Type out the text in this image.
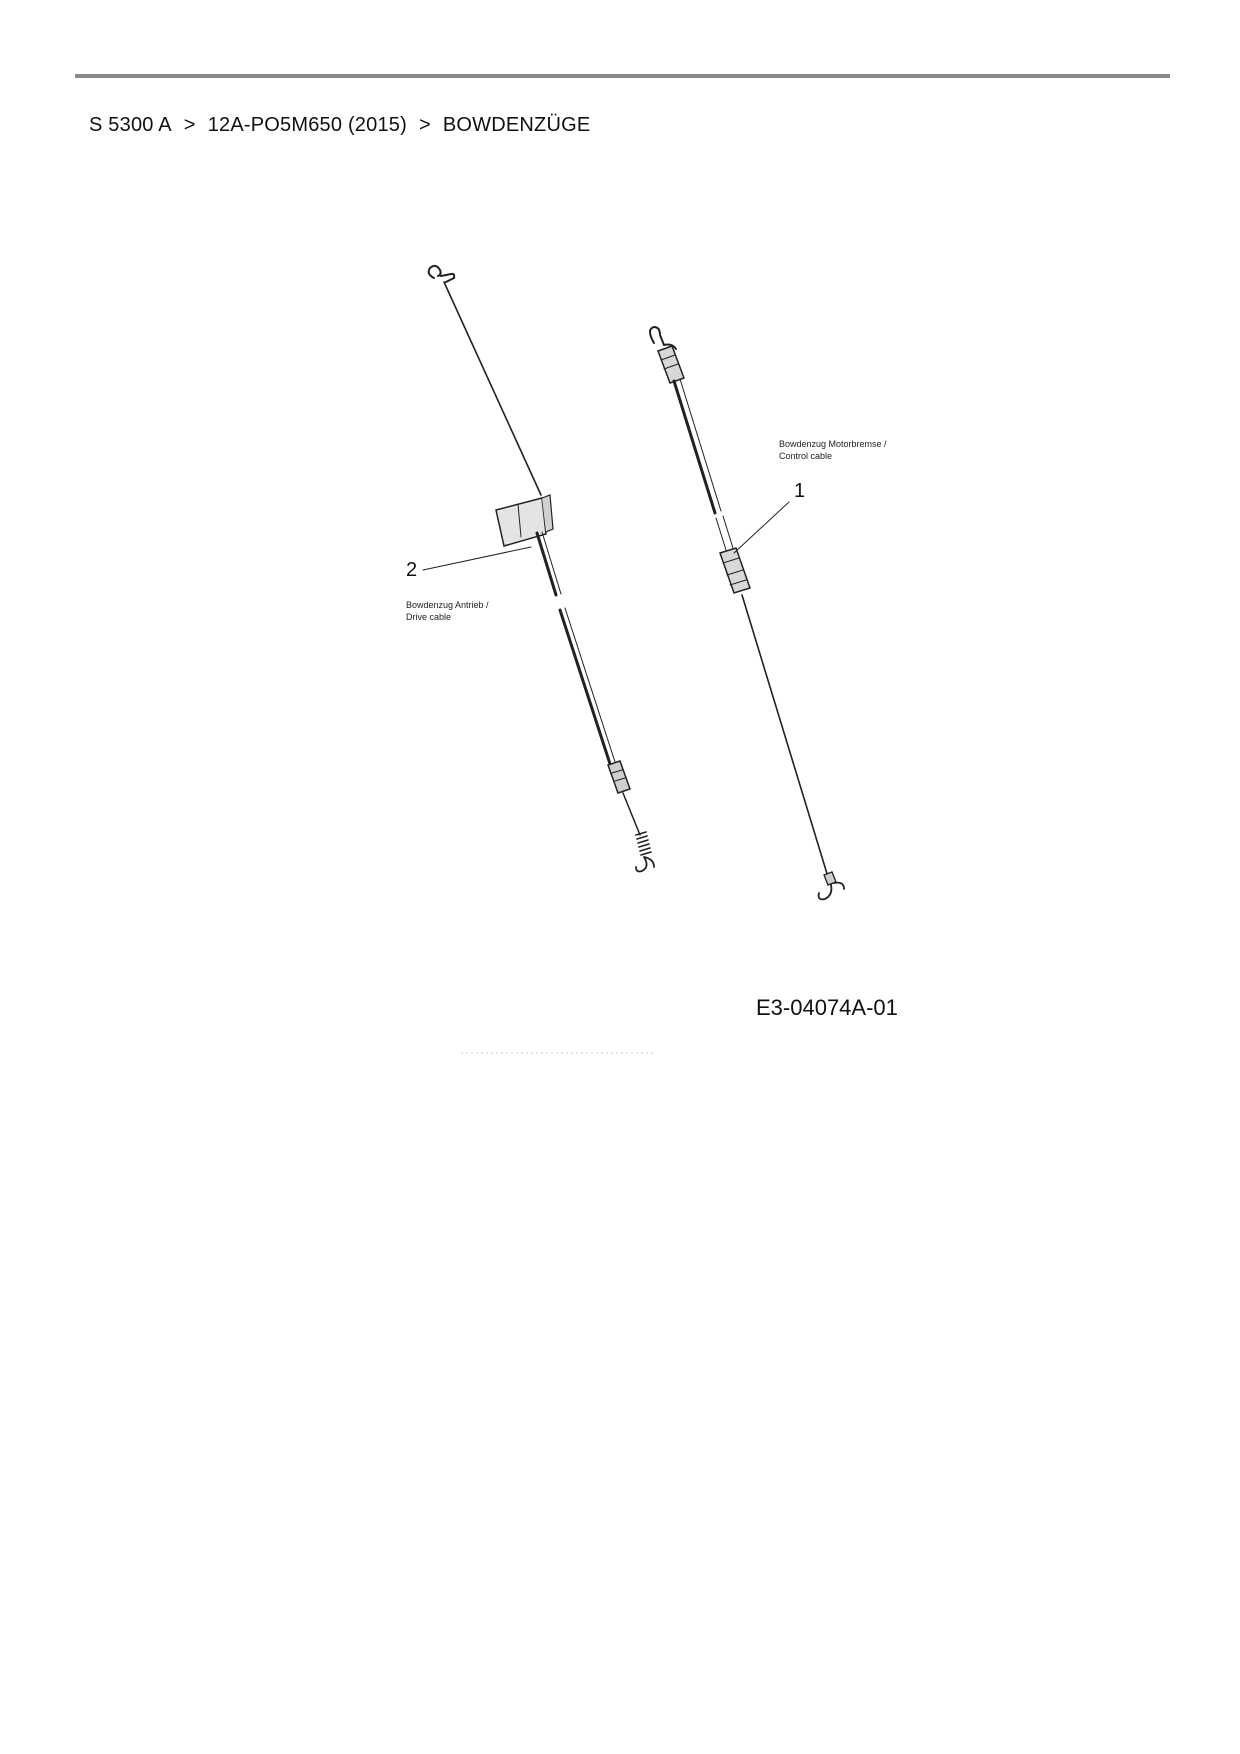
S 5300 A > 12A-PO5M650 (2015) > BOWDENZÜGE
2
Bowdenzug Antrieb /
Drive cable
1
Bowdenzug Motorbremse /
Control cable
E3-04074A-01
